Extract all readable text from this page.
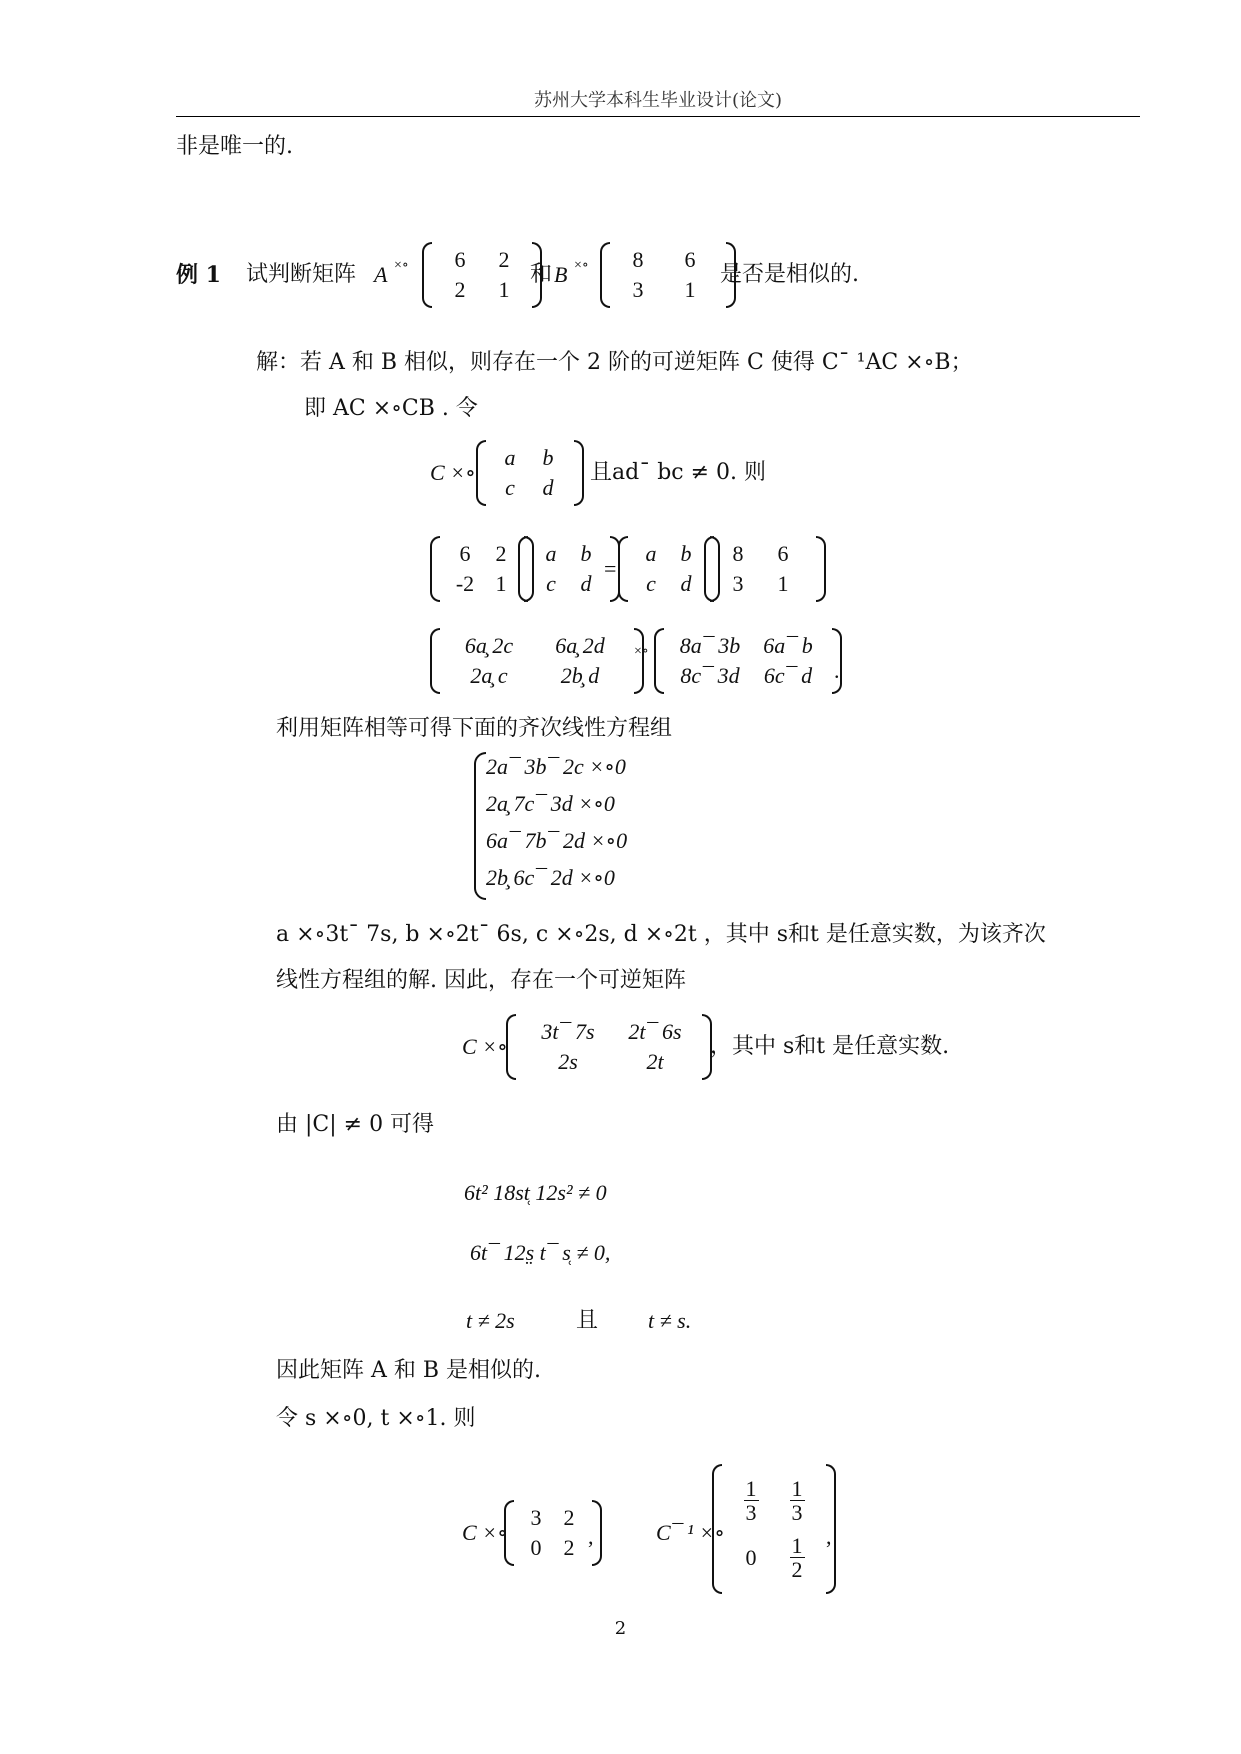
苏州大学本科生毕业设计(论文)
非是唯一的.
例 1 试判断矩阵 A ×∘	6	2
2	1
和 B ×∘	8	6
3	1
是否是相似的.
解：若 A 和 B 相似，则存在一个 2 阶的可逆矩阵 C 使得 C¯ ¹AC ×∘B；
即 AC ×∘CB . 令
C ×∘
a	b
c	d
且ad¯ bc ≠ 0. 则
6	2
-2 1
a	b
c	d
=
a	b
c	d
8	6
3	1
6a̧ 2c	6a̧ 2d
2a̧ c	2b̧ d
×∘	8a¯ 3b	6a¯ b
8c¯ 3d	6c¯ d .
利用矩阵相等可得下面的齐次线性方程组
2a¯ 3b¯ 2c ×∘0
2a̧ 7c¯ 3d ×∘0
6a¯ 7b¯ 2d ×∘0
2b̧ 6c¯ 2d ×∘0
a ×∘3t¯ 7s, b ×∘2t¯ 6s, c ×∘2s, d ×∘2t ，其中 s和t 是任意实数，为该齐次
线性方程组的解. 因此，存在一个可逆矩阵
C ×∘
3t¯ 7s	2t¯ 6s
2s	2t
，其中 s和t 是任意实数.
由 |C| ≠ 0 可得
6t² 18st̜ 12s² ≠ 0
6t¯ 12s̤ t¯ s̜ ≠ 0,
t ≠ 2s	且 t ≠ s.
因此矩阵 A 和 B 是相似的.
令 s ×∘0, t ×∘1. 则
C ×∘
3	2
0	2 ,	C¯ ¹ ×∘
$\frac{1}{3} \frac{1}{3}$
$0 \frac{1}{2}$ ,
2
